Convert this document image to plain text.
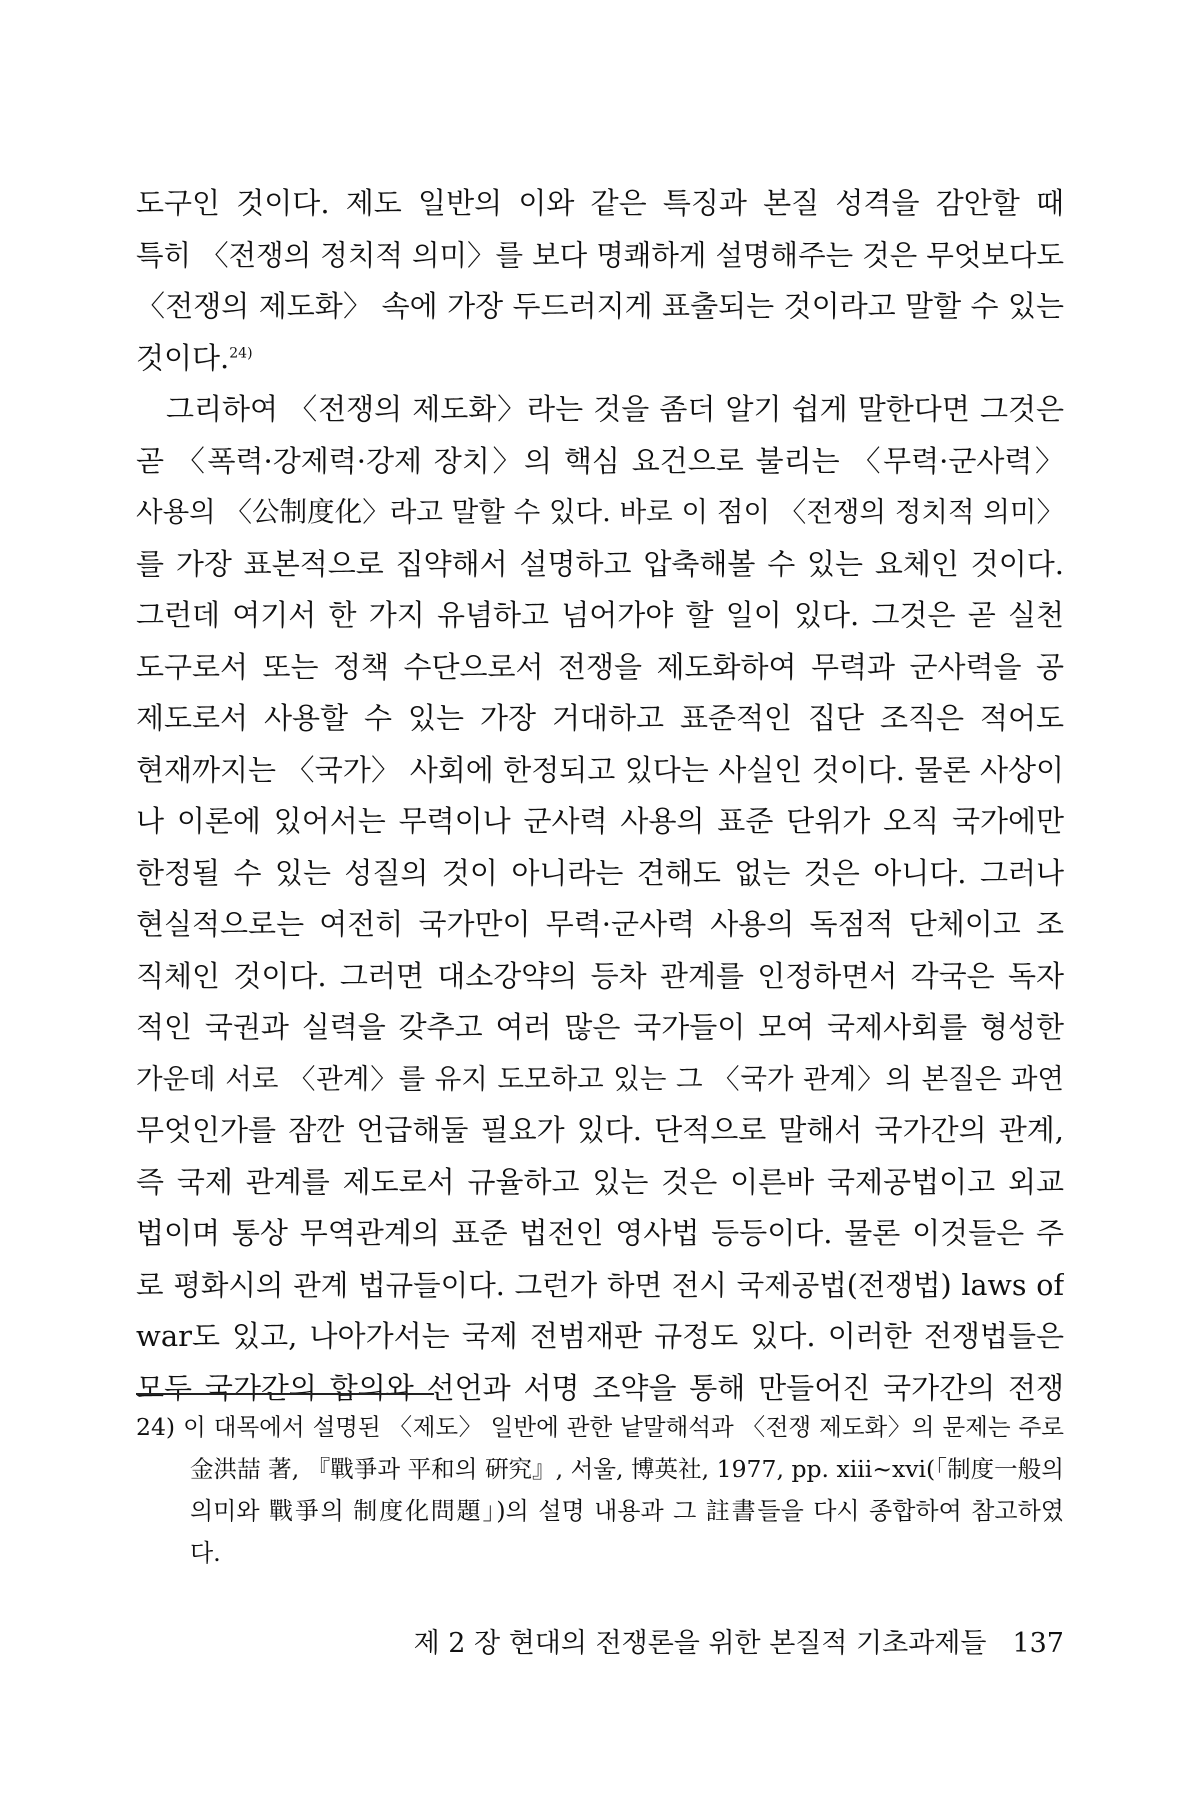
도구인 것이다. 제도 일반의 이와 같은 특징과 본질 성격을 감안할 때
특히 〈전쟁의 정치적 의미〉를 보다 명쾌하게 설명해주는 것은 무엇보다도
〈전쟁의 제도화〉 속에 가장 두드러지게 표출되는 것이라고 말할 수 있는
것이다.$^{24)}$
그리하여 〈전쟁의 제도화〉라는 것을 좀더 알기 쉽게 말한다면 그것은
곧 〈폭력·강제력·강제 장치〉의 핵심 요건으로 불리는 〈무력·군사력〉
사용의 〈公制度化〉라고 말할 수 있다. 바로 이 점이 〈전쟁의 정치적 의미〉
를 가장 표본적으로 집약해서 설명하고 압축해볼 수 있는 요체인 것이다.
그런데 여기서 한 가지 유념하고 넘어가야 할 일이 있다. 그것은 곧 실천
도구로서 또는 정책 수단으로서 전쟁을 제도화하여 무력과 군사력을 공
제도로서 사용할 수 있는 가장 거대하고 표준적인 집단 조직은 적어도
현재까지는 〈국가〉 사회에 한정되고 있다는 사실인 것이다. 물론 사상이
나 이론에 있어서는 무력이나 군사력 사용의 표준 단위가 오직 국가에만
한정될 수 있는 성질의 것이 아니라는 견해도 없는 것은 아니다. 그러나
현실적으로는 여전히 국가만이 무력·군사력 사용의 독점적 단체이고 조
직체인 것이다. 그러면 대소강약의 등차 관계를 인정하면서 각국은 독자
적인 국권과 실력을 갖추고 여러 많은 국가들이 모여 국제사회를 형성한
가운데 서로 〈관계〉를 유지 도모하고 있는 그 〈국가 관계〉의 본질은 과연
무엇인가를 잠깐 언급해둘 필요가 있다. 단적으로 말해서 국가간의 관계,
즉 국제 관계를 제도로서 규율하고 있는 것은 이른바 국제공법이고 외교
법이며 통상 무역관계의 표준 법전인 영사법 등등이다. 물론 이것들은 주
로 평화시의 관계 법규들이다. 그런가 하면 전시 국제공법(전쟁법) laws of
war도 있고, 나아가서는 국제 전범재판 규정도 있다. 이러한 전쟁법들은
모두 국가간의 합의와 선언과 서명 조약을 통해 만들어진 국가간의 전쟁
24) 이 대목에서 설명된 〈제도〉 일반에 관한 낱말해석과 〈전쟁 제도화〉의 문제는 주로
金洪喆 著, 『戰爭과 平和의 硏究』, 서울, 博英社, 1977, pp. xiii~xvi(「制度一般의
의미와 戰爭의 制度化問題」)의 설명 내용과 그 註書들을 다시 종합하여 참고하였
다.
제 2 장 현대의 전쟁론을 위한 본질적 기초과제들 137
